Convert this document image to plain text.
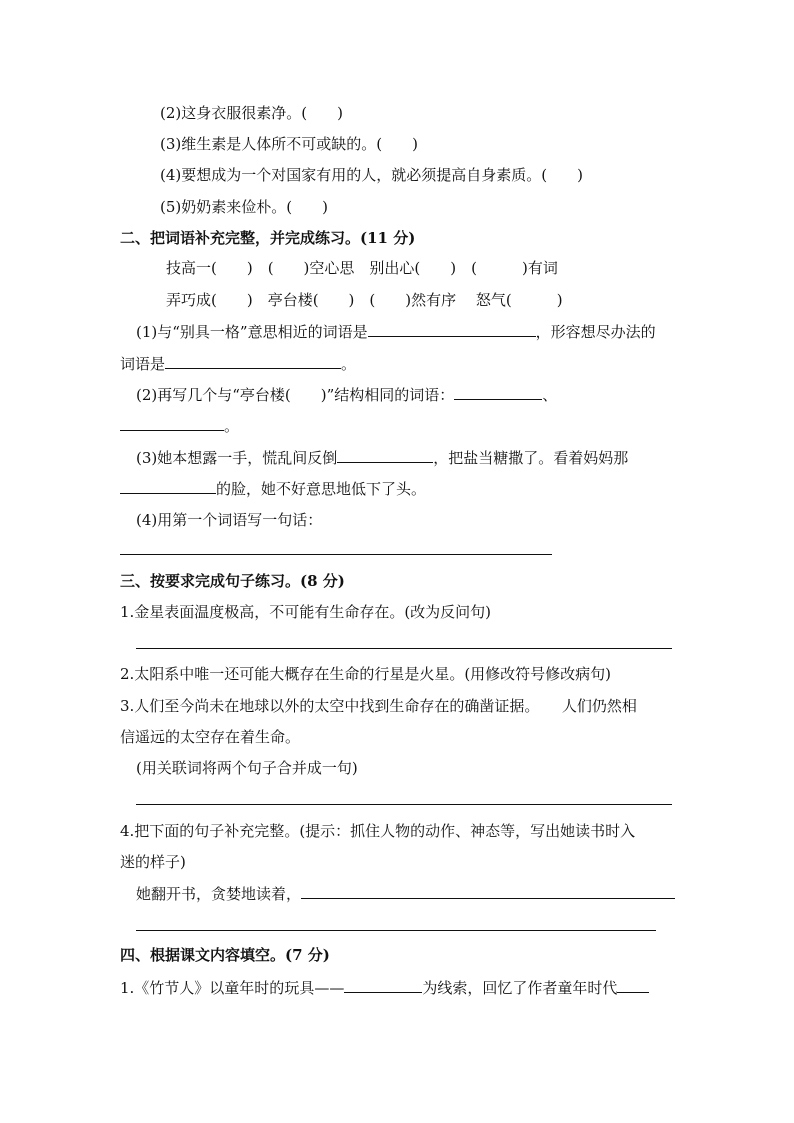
(2)这身衣服很素净。(　　)
(3)维生素是人体所不可或缺的。(　　)
(4)要想成为一个对国家有用的人，就必须提高自身素质。(　　)
(5)奶奶素来俭朴。(　　)
二、把词语补充完整，并完成练习。(11 分)
技高一(　　)　(　　)空心思　别出心(　　)　(　　　)有词
弄巧成(　　)　亭台楼(　　)　(　　)然有序　 怒气(　　　)
(1)与“别具一格”意思相近的词语是	，形容想尽办法的
词语是	。
(2)再写几个与“亭台楼(　　)”结构相同的词语：	、
。
(3)她本想露一手，慌乱间反倒	，把盐当糖撒了。看着妈妈那
的脸，她不好意思地低下了头。
(4)用第一个词语写一句话：
三、按要求完成句子练习。(8 分)
1.金星表面温度极高，不可能有生命存在。(改为反问句)
2.太阳系中唯一还可能大概存在生命的行星是火星。(用修改符号修改病句)
3.人们至今尚未在地球以外的太空中找到生命存在的确凿证据。　　人们仍然相
信遥远的太空存在着生命。
(用关联词将两个句子合并成一句)
4.把下面的句子补充完整。(提示：抓住人物的动作、神态等，写出她读书时入
迷的样子)
她翻开书，贪婪地读着，
四、根据课文内容填空。(7 分)
1.《竹节人》以童年时的玩具——	为线索，回忆了作者童年时代
